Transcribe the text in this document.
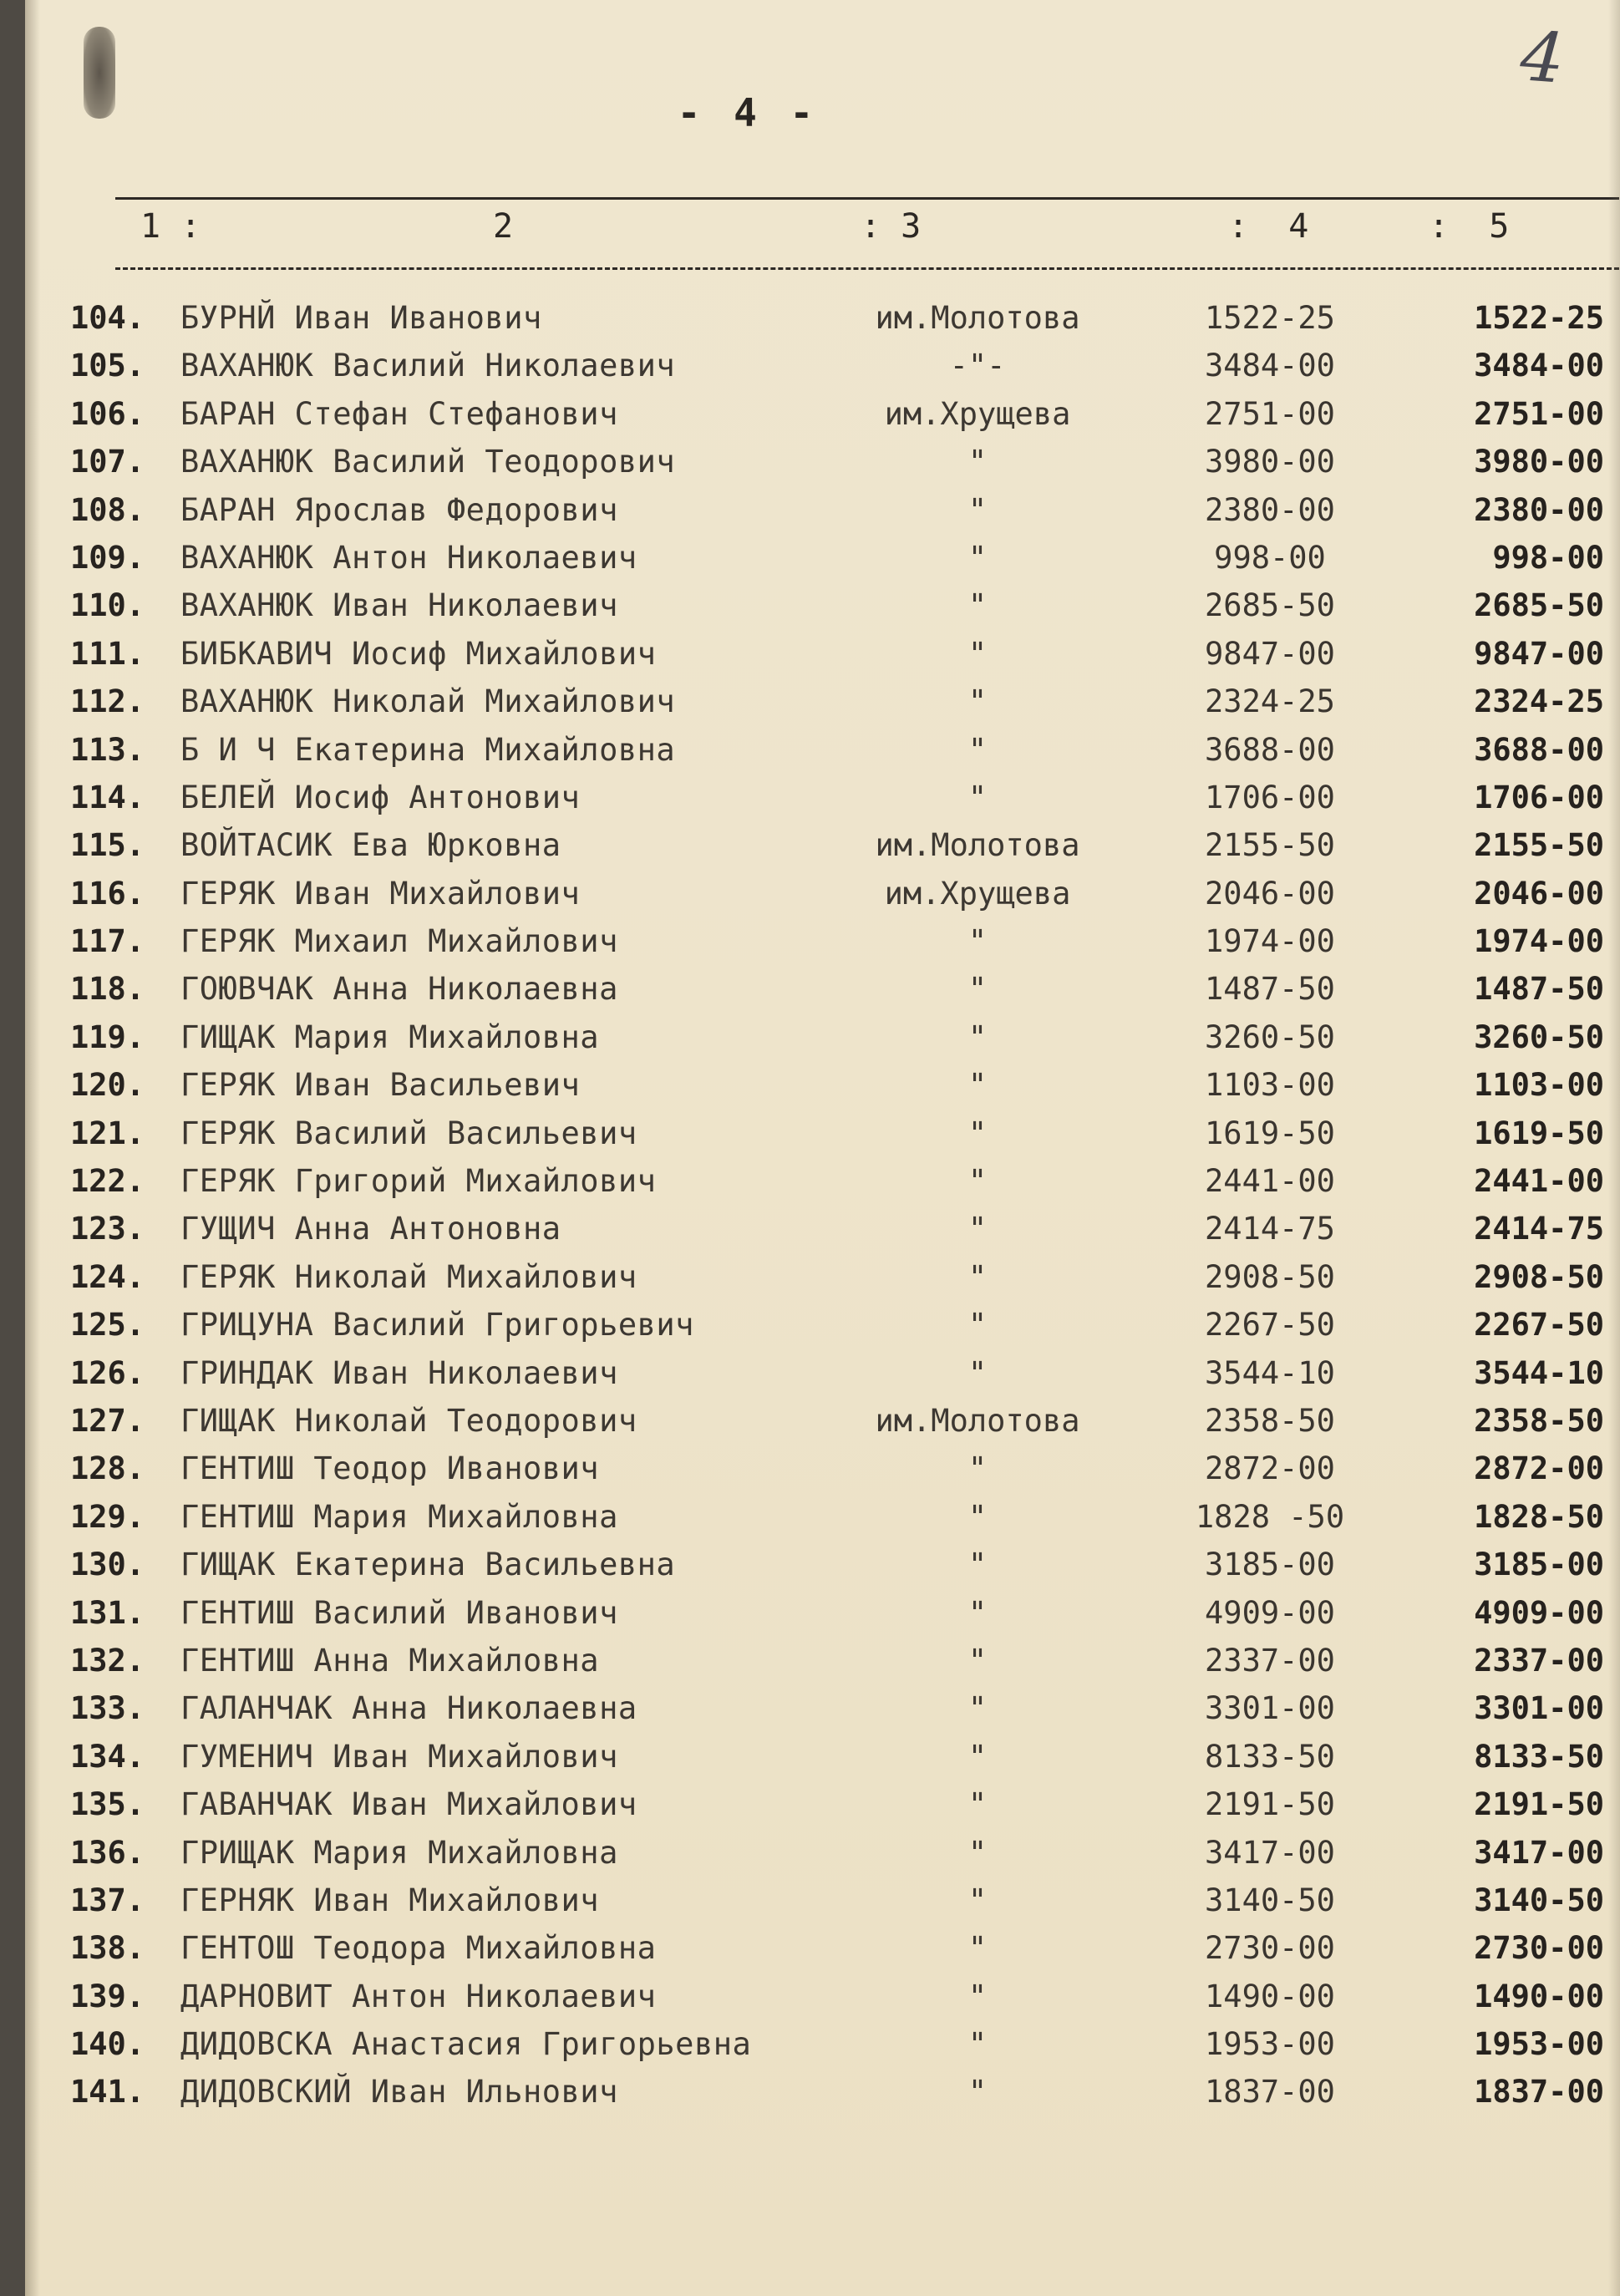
4
- 4 -
1 :	2	: 3	:  4	:  5
104. БУРНЙ Иван Иванович	им.Молотова	1522-25	1522-25
105. ВАХАНЮК Василий Николаевич	-"-	3484-00	3484-00
106. БАРАН Стефан Стефанович	им.Хрущева	2751-00	2751-00
107. ВАХАНЮК Василий Теодорович	"	3980-00	3980-00
108. БАРАН Ярослав Федорович	"	2380-00	2380-00
109. ВАХАНЮК Антон Николаевич	"	998-00	998-00
110. ВАХАНЮК Иван Николаевич	"	2685-50	2685-50
111. БИБКАВИЧ Иосиф Михайлович	"	9847-00	9847-00
112. ВАХАНЮК Николай Михайлович	"	2324-25	2324-25
113. Б И Ч Екатерина Михайловна	"	3688-00	3688-00
114. БЕЛЕЙ Иосиф Антонович	"	1706-00	1706-00
115. ВОЙТАСИК Ева Юрковна	им.Молотова	2155-50	2155-50
116. ГЕРЯК Иван Михайлович	им.Хрущева	2046-00	2046-00
117. ГЕРЯК Михаил Михайлович	"	1974-00	1974-00
118. ГОЮВЧАК Анна Николаевна	"	1487-50	1487-50
119. ГИЩАК Мария Михайловна	"	3260-50	3260-50
120. ГЕРЯК Иван Васильевич	"	1103-00	1103-00
121. ГЕРЯК Василий Васильевич	"	1619-50	1619-50
122. ГЕРЯК Григорий Михайлович	"	2441-00	2441-00
123. ГУЩИЧ Анна Антоновна	"	2414-75	2414-75
124. ГЕРЯК Николай Михайлович	"	2908-50	2908-50
125. ГРИЦУНА Василий Григорьевич	"	2267-50	2267-50
126. ГРИНДАК Иван Николаевич	"	3544-10	3544-10
127. ГИЩАК Николай Теодорович	им.Молотова	2358-50	2358-50
128. ГЕНТИШ Теодор Иванович	"	2872-00	2872-00
129. ГЕНТИШ Мария Михайловна	"	1828 -50	1828-50
130. ГИЩАК Екатерина Васильевна	"	3185-00	3185-00
131. ГЕНТИШ Василий Иванович	"	4909-00	4909-00
132. ГЕНТИШ Анна Михайловна	"	2337-00	2337-00
133. ГАЛАНЧАК Анна Николаевна	"	3301-00	3301-00
134. ГУМЕНИЧ Иван Михайлович	"	8133-50	8133-50
135. ГАВАНЧАК Иван Михайлович	"	2191-50	2191-50
136. ГРИЩАК Мария Михайловна	"	3417-00	3417-00
137. ГЕРНЯК Иван Михайлович	"	3140-50	3140-50
138. ГЕНТОШ Теодора Михайловна	"	2730-00	2730-00
139. ДАРНОВИТ Антон Николаевич	"	1490-00	1490-00
140. ДИДОВСКА Анастасия Григорьевна	"	1953-00	1953-00
141. ДИДОВСКИЙ Иван Ильнович	"	1837-00	1837-00
